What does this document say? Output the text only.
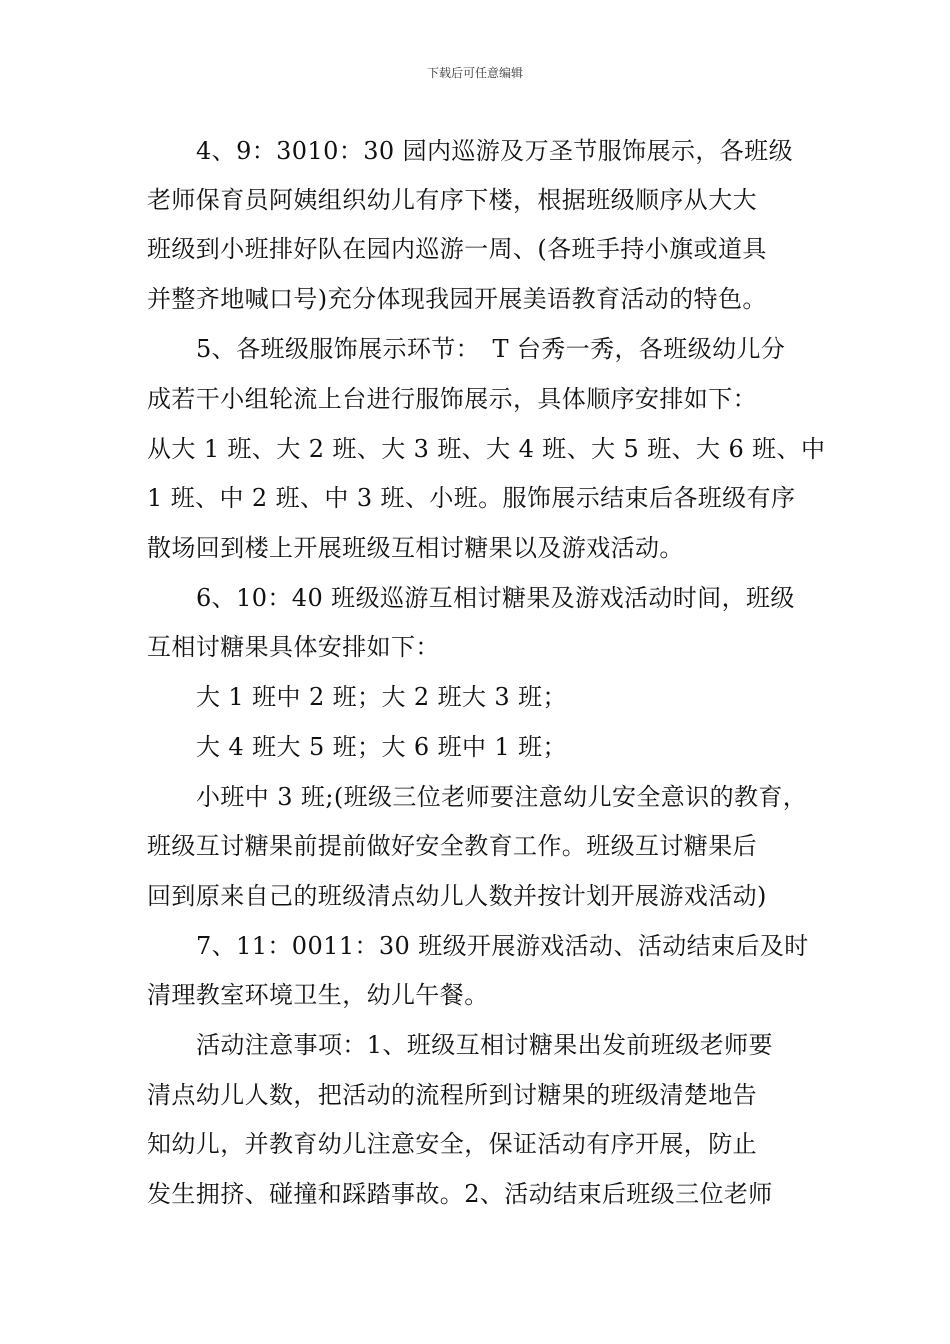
下载后可任意编辑
4、9：3010：30 园内巡游及万圣节服饰展示，各班级
老师保育员阿姨组织幼儿有序下楼，根据班级顺序从大大
班级到小班排好队在园内巡游一周、(各班手持小旗或道具
并整齐地喊口号)充分体现我园开展美语教育活动的特色。
5、各班级服饰展示环节：　T 台秀一秀，各班级幼儿分
成若干小组轮流上台进行服饰展示，具体顺序安排如下：
从大 1 班、大 2 班、大 3 班、大 4 班、大 5 班、大 6 班、中
1 班、中 2 班、中 3 班、小班。服饰展示结束后各班级有序
散场回到楼上开展班级互相讨糖果以及游戏活动。
6、10：40 班级巡游互相讨糖果及游戏活动时间，班级
互相讨糖果具体安排如下：
大 1 班中 2 班；大 2 班大 3 班；
大 4 班大 5 班；大 6 班中 1 班；
小班中 3 班;(班级三位老师要注意幼儿安全意识的教育，
班级互讨糖果前提前做好安全教育工作。班级互讨糖果后
回到原来自己的班级清点幼儿人数并按计划开展游戏活动)
7、11：0011：30 班级开展游戏活动、活动结束后及时
清理教室环境卫生，幼儿午餐。
活动注意事项：1、班级互相讨糖果出发前班级老师要
清点幼儿人数，把活动的流程所到讨糖果的班级清楚地告
知幼儿，并教育幼儿注意安全，保证活动有序开展，防止
发生拥挤、碰撞和踩踏事故。2、活动结束后班级三位老师
